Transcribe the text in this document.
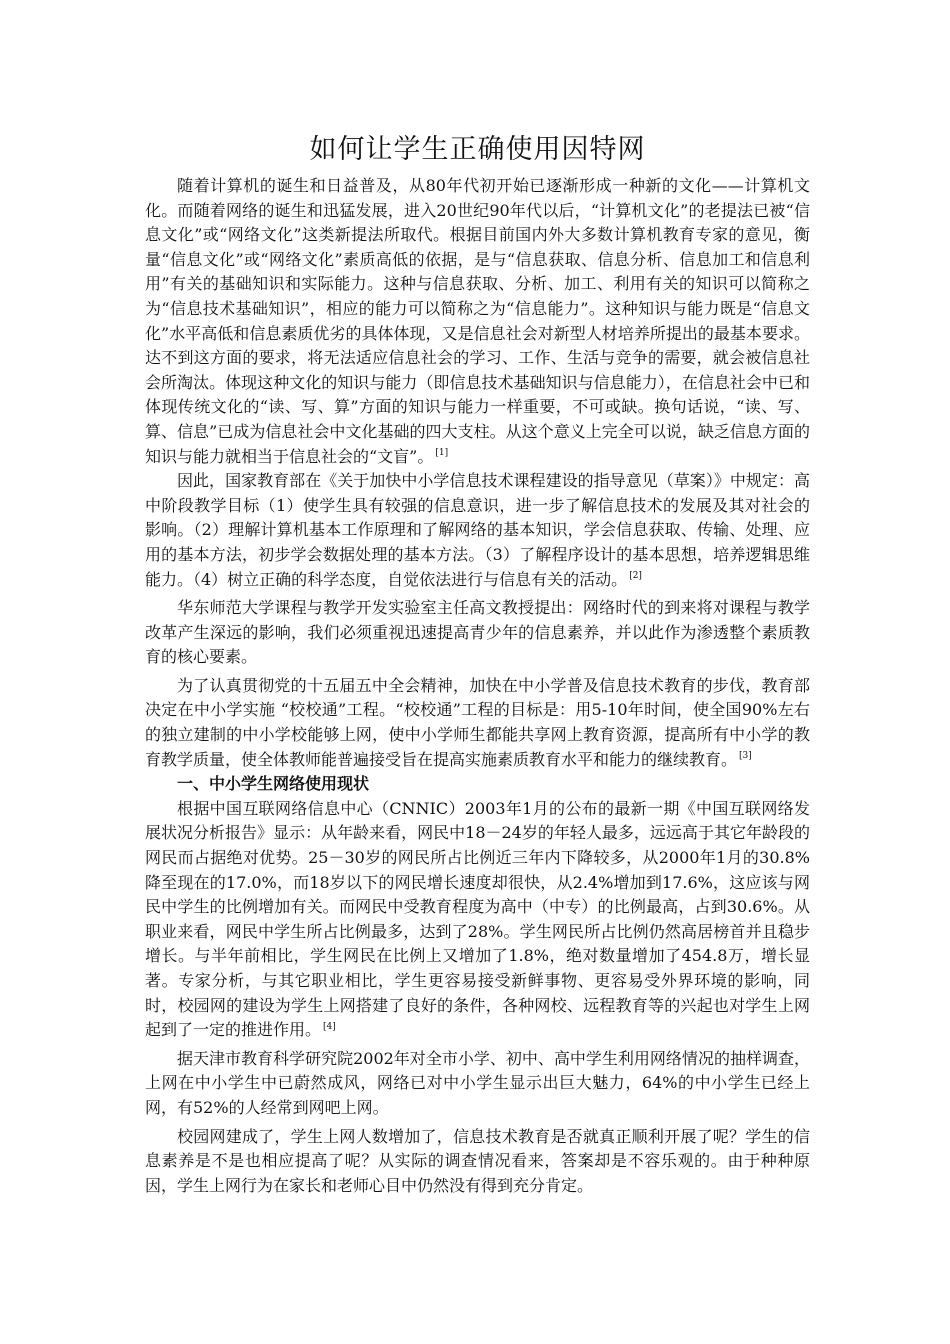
如何让学生正确使用因特网

随着计算机的诞生和日益普及，从80年代初开始已逐渐形成一种新的文化——计算机文化。而随着网络的诞生和迅猛发展，进入20世纪90年代以后，“计算机文化”的老提法已被“信息文化”或“网络文化”这类新提法所取代。根据目前国内外大多数计算机教育专家的意见，衡量“信息文化”或“网络文化”素质高低的依据，是与“信息获取、信息分析、信息加工和信息利用”有关的基础知识和实际能力。这种与信息获取、分析、加工、利用有关的知识可以简称之为“信息技术基础知识”，相应的能力可以简称之为“信息能力”。这种知识与能力既是“信息文化”水平高低和信息素质优劣的具体体现，又是信息社会对新型人材培养所提出的最基本要求。达不到这方面的要求，将无法适应信息社会的学习、工作、生活与竞争的需要，就会被信息社会所淘汰。体现这种文化的知识与能力（即信息技术基础知识与信息能力），在信息社会中已和体现传统文化的“读、写、算”方面的知识与能力一样重要，不可或缺。换句话说，“读、写、算、信息”已成为信息社会中文化基础的四大支柱。从这个意义上完全可以说，缺乏信息方面的知识与能力就相当于信息社会的“文盲”。 [1]

因此，国家教育部在《关于加快中小学信息技术课程建设的指导意见（草案）》中规定：高中阶段教学目标（1）使学生具有较强的信息意识，进一步了解信息技术的发展及其对社会的影响。（2）理解计算机基本工作原理和了解网络的基本知识，学会信息获取、传输、处理、应用的基本方法，初步学会数据处理的基本方法。（3）了解程序设计的基本思想，培养逻辑思维能力。（4）树立正确的科学态度，自觉依法进行与信息有关的活动。 [2]

华东师范大学课程与教学开发实验室主任高文教授提出：网络时代的到来将对课程与教学改革产生深远的影响，我们必须重视迅速提高青少年的信息素养，并以此作为渗透整个素质教育的核心要素。

为了认真贯彻党的十五届五中全会精神，加快在中小学普及信息技术教育的步伐，教育部决定在中小学实施 “校校通”工程。“校校通”工程的目标是：用5-10年时间，使全国90%左右的独立建制的中小学校能够上网，使中小学师生都能共享网上教育资源，提高所有中小学的教育教学质量，使全体教师能普遍接受旨在提高实施素质教育水平和能力的继续教育。 [3]

一、中小学生网络使用现状

根据中国互联网络信息中心（CNNIC）2003年1月的公布的最新一期《中国互联网络发展状况分析报告》显示：从年龄来看，网民中18－24岁的年轻人最多，远远高于其它年龄段的网民而占据绝对优势。25－30岁的网民所占比例近三年内下降较多，从2000年1月的30.8%降至现在的17.0%，而18岁以下的网民增长速度却很快，从2.4%增加到17.6%，这应该与网民中学生的比例增加有关。而网民中受教育程度为高中（中专）的比例最高，占到30.6%。从职业来看，网民中学生所占比例最多，达到了28%。学生网民所占比例仍然高居榜首并且稳步增长。与半年前相比，学生网民在比例上又增加了1.8%，绝对数量增加了454.8万，增长显著。专家分析，与其它职业相比，学生更容易接受新鲜事物、更容易受外界环境的影响，同时，校园网的建设为学生上网搭建了良好的条件，各种网校、远程教育等的兴起也对学生上网起到了一定的推进作用。 [4]

据天津市教育科学研究院2002年对全市小学、初中、高中学生利用网络情况的抽样调查，上网在中小学生中已蔚然成风，网络已对中小学生显示出巨大魅力，64%的中小学生已经上网，有52%的人经常到网吧上网。

校园网建成了，学生上网人数增加了，信息技术教育是否就真正顺利开展了呢？学生的信息素养是不是也相应提高了呢？从实际的调查情况看来，答案却是不容乐观的。由于种种原因，学生上网行为在家长和老师心目中仍然没有得到充分肯定。
